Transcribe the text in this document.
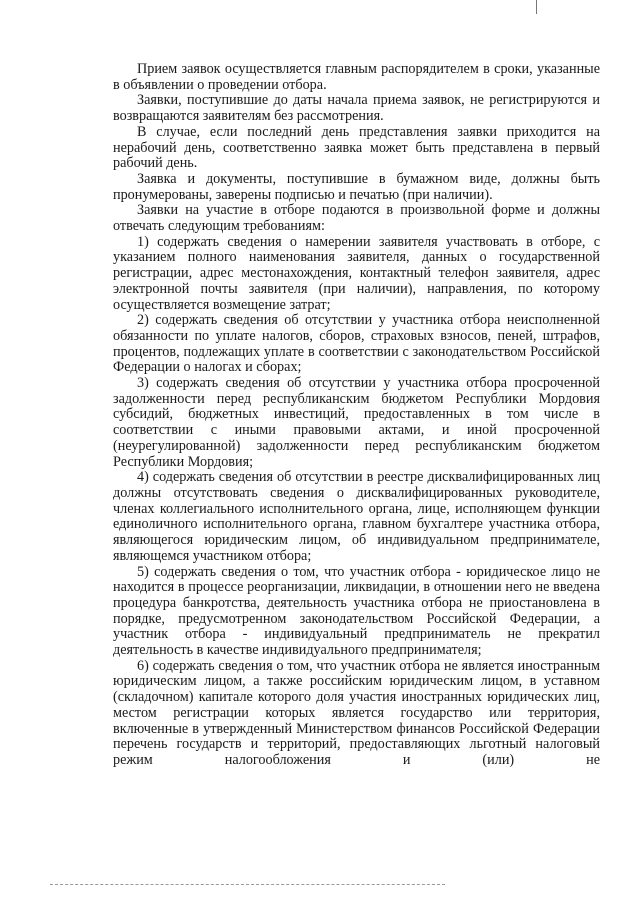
Прием заявок осуществляется главным распорядителем в сроки, указанные в объявлении о проведении отбора.

Заявки, поступившие до даты начала приема заявок, не регистрируются и возвращаются заявителям без рассмотрения.

В случае, если последний день представления заявки приходится на нерабочий день, соответственно заявка может быть представлена в первый рабочий день.

Заявка и документы, поступившие в бумажном виде, должны быть пронумерованы, заверены подписью и печатью (при наличии).

Заявки на участие в отборе подаются в произвольной форме и должны отвечать следующим требованиям:

1) содержать сведения о намерении заявителя участвовать в отборе, с указанием полного наименования заявителя, данных о государственной регистрации, адрес местонахождения, контактный телефон заявителя, адрес электронной почты заявителя (при наличии), направления, по которому осуществляется возмещение затрат;

2) содержать сведения об отсутствии у участника отбора неисполненной обязанности по уплате налогов, сборов, страховых взносов, пеней, штрафов, процентов, подлежащих уплате в соответствии с законодательством Российской Федерации о налогах и сборах;

3) содержать сведения об отсутствии у участника отбора просроченной задолженности перед республиканским бюджетом Республики Мордовия субсидий, бюджетных инвестиций, предоставленных в том числе в соответствии с иными правовыми актами, и иной просроченной (неурегулированной) задолженности перед республиканским бюджетом Республики Мордовия;

4) содержать сведения об отсутствии в реестре дисквалифицированных лиц должны отсутствовать сведения о дисквалифицированных руководителе, членах коллегиального исполнительного органа, лице, исполняющем функции единоличного исполнительного органа, главном бухгалтере участника отбора, являющегося юридическим лицом, об индивидуальном предпринимателе, являющемся участником отбора;

5) содержать сведения о том, что участник отбора - юридическое лицо не находится в процессе реорганизации, ликвидации, в отношении него не введена процедура банкротства, деятельность участника отбора не приостановлена в порядке, предусмотренном законодательством Российской Федерации, а участник отбора - индивидуальный предприниматель не прекратил деятельность в качестве индивидуального предпринимателя;

6) содержать сведения о том, что участник отбора не является иностранным юридическим лицом, а также российским юридическим лицом, в уставном (складочном) капитале которого доля участия иностранных юридических лиц, местом регистрации которых является государство или территория, включенные в утвержденный Министерством финансов Российской Федерации перечень государств и территорий, предоставляющих льготный налоговый режим налогообложения и (или) не
